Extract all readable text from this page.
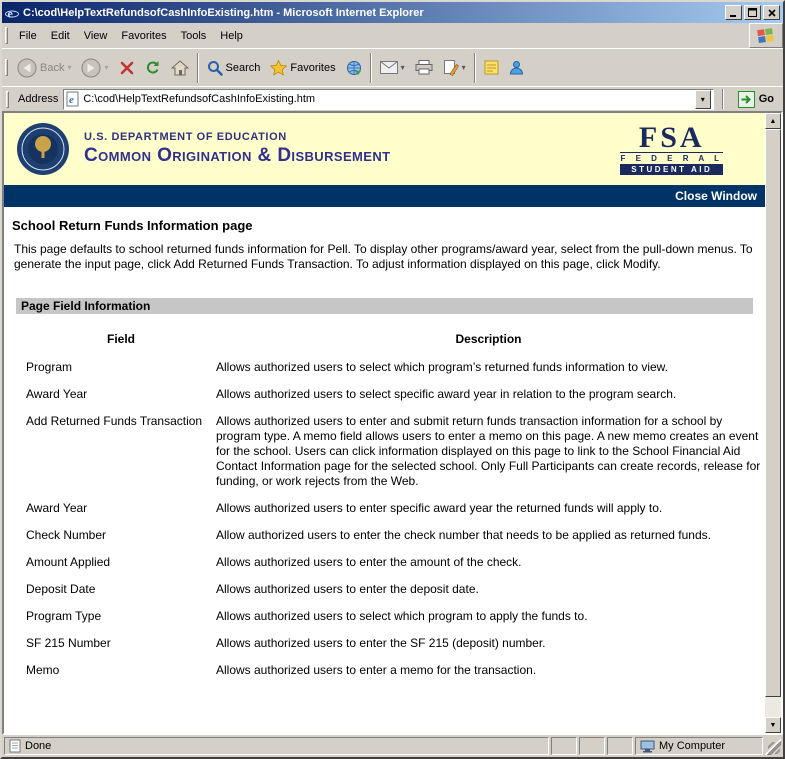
e C:\cod\HelpTextRefundsofCashInfoExisting.htm - Microsoft Internet Explorer
File	Edit	View	Favorites	Tools	Help
Back ▾	▾	Search	Favorites	▾	▾
Address e
C:\cod\HelpTextRefundsofCashInfoExisting.htm	▾	Go
U.S. DEPARTMENT OF EDUCATION
Common Origination & Disbursement
FSA
F E D E R A L
STUDENT AID
Close Window
School Return Funds Information page
This page defaults to school returned funds information for Pell. To display other programs/award year, select from the pull-down menus. To generate the input page, click Add Returned Funds Transaction. To adjust information displayed on this page, click Modify.
Page Field Information
Field	Description
Program	Allows authorized users to select which program’s returned funds information to view.
Award Year	Allows authorized users to select specific award year in relation to the program search.
Add Returned Funds Transaction	Allows authorized users to enter and submit return funds transaction information for a school by program type. A memo field allows users to enter a memo on this page. A new memo creates an event for the school. Users can click information displayed on this page to link to the School Financial Aid Contact Information page for the selected school. Only Full Participants can create records, release for funding, or work rejects from the Web.
Award Year	Allows authorized users to enter specific award year the returned funds will apply to.
Check Number	Allow authorized users to enter the check number that needs to be applied as returned funds.
Amount Applied	Allows authorized users to enter the amount of the check.
Deposit Date	Allows authorized users to enter the deposit date.
Program Type	Allows authorized users to select which program to apply the funds to.
SF 215 Number	Allows authorized users to enter the SF 215 (deposit) number.
Memo	Allows authorized users to enter a memo for the transaction.
▲
▼
Done	My Computer
